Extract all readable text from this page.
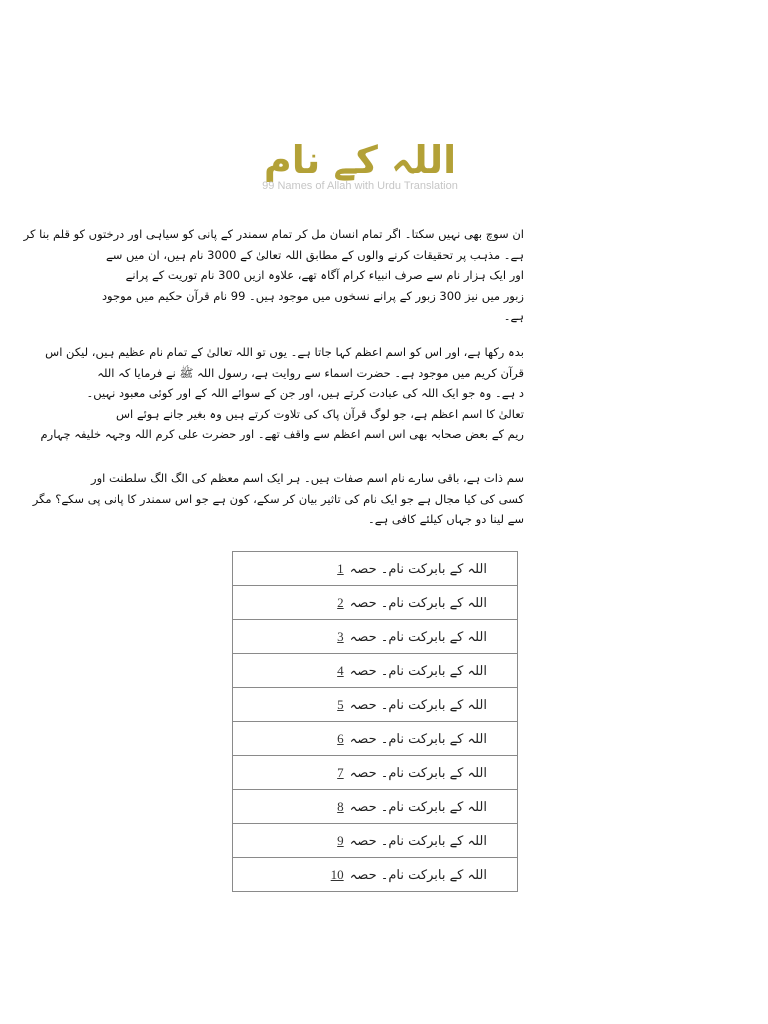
اللہ کے نام
99 Names of Allah with Urdu Translation
ان سوچ بھی نہیں سکتا۔ اگر تمام انسان مل کر تمام سمندر کے پانی کو سیاہی اور درختوں کو قلم بنا کر
ہے۔ مذہب پر تحقیقات کرنے والوں کے مطابق اللہ تعالیٰ کے 3000 نام ہیں، ان میں سے
اور ایک ہزار نام سے صرف انبیاء کرام آگاہ تھے، علاوہ ازیں 300 نام توریت کے پرانے
زبور میں نیز 300 زبور کے پرانے نسخوں میں موجود ہیں۔ 99 نام قرآن حکیم میں موجود
ہے۔
بدہ رکھا ہے، اور اس کو اسم اعظم کہا جاتا ہے۔ یوں تو اللہ تعالیٰ کے تمام نام عظیم ہیں، لیکن اس
قرآن کریم میں موجود ہے۔ حضرت اسماء سے روایت ہے، رسول اللہ ﷺ نے فرمایا کہ اللہ
د ہے۔ وہ جو ایک اللہ کی عبادت کرتے ہیں، اور جن کے سوائے اللہ کے اور کوئی معبود نہیں۔
تعالیٰ کا اسم اعظم ہے، جو لوگ قرآن پاک کی تلاوت کرتے ہیں وہ بغیر جانے ہوئے اس
ریم کے بعض صحابہ بھی اس اسم اعظم سے واقف تھے۔ اور حضرت علی کرم اللہ وجہہ خلیفہ چہارم
سم ذات ہے، باقی سارے نام اسم صفات ہیں۔ ہر ایک اسم معظم کی الگ الگ سلطنت اور
کسی کی کیا مجال ہے جو ایک نام کی تاثیر بیان کر سکے، کون ہے جو اس سمندر کا پانی پی سکے؟ مگر
سے لینا دو جہاں کیلئے کافی ہے۔
اللہ کے بابرکت نام۔ حصہ1
اللہ کے بابرکت نام۔ حصہ2
اللہ کے بابرکت نام۔ حصہ3
اللہ کے بابرکت نام۔ حصہ4
اللہ کے بابرکت نام۔ حصہ5
اللہ کے بابرکت نام۔ حصہ6
اللہ کے بابرکت نام۔ حصہ7
اللہ کے بابرکت نام۔ حصہ8
اللہ کے بابرکت نام۔ حصہ9
اللہ کے بابرکت نام۔ حصہ10
